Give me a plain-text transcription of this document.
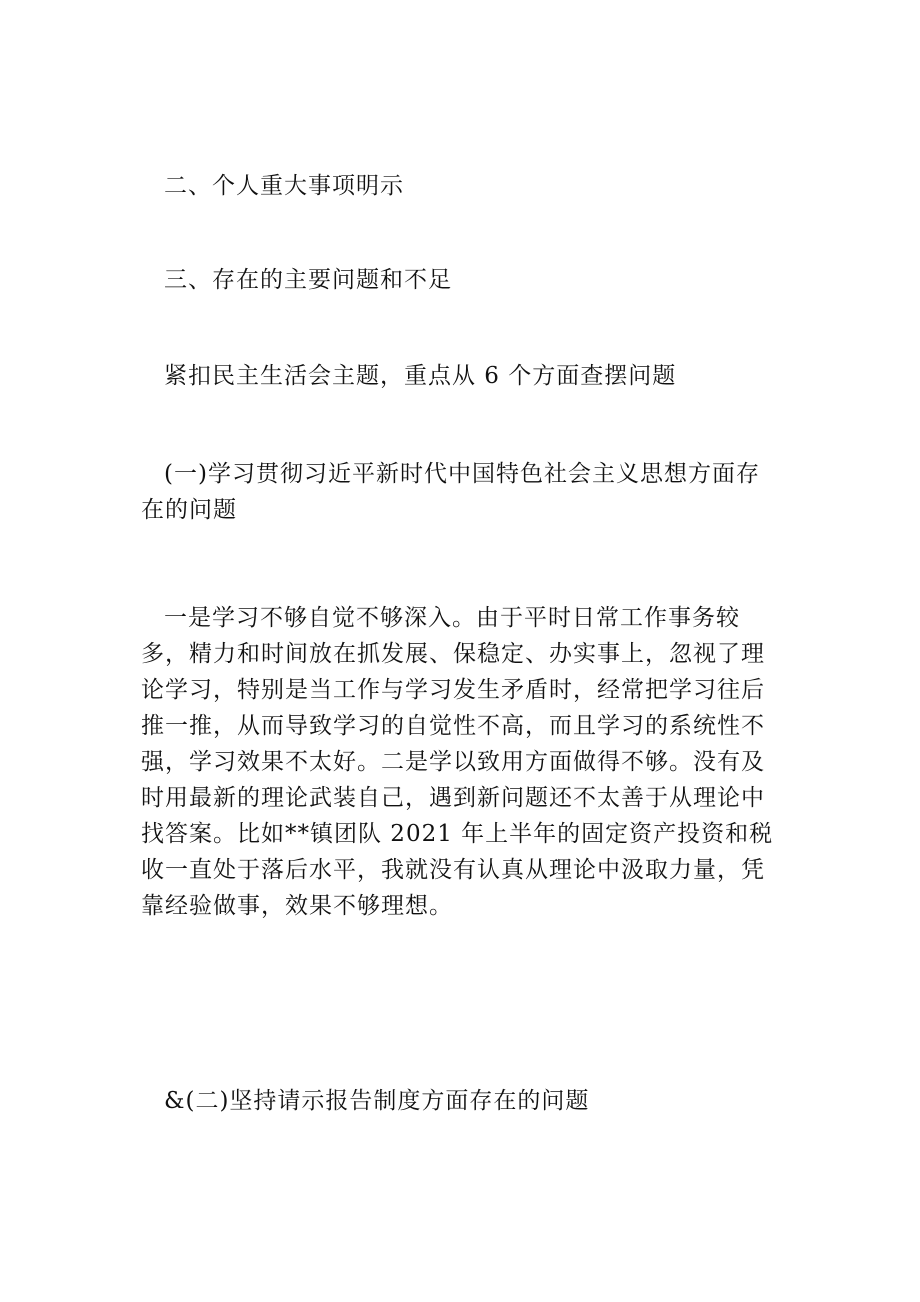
二、个人重大事项明示

三、存在的主要问题和不足

紧扣民主生活会主题，重点从 6 个方面查摆问题

(一)学习贯彻习近平新时代中国特色社会主义思想方面存在的问题

一是学习不够自觉不够深入。由于平时日常工作事务较多，精力和时间放在抓发展、保稳定、办实事上，忽视了理论学习，特别是当工作与学习发生矛盾时，经常把学习往后推一推，从而导致学习的自觉性不高，而且学习的系统性不强，学习效果不太好。二是学以致用方面做得不够。没有及时用最新的理论武装自己，遇到新问题还不太善于从理论中找答案。比如**镇团队 2021 年上半年的固定资产投资和税收一直处于落后水平，我就没有认真从理论中汲取力量，凭靠经验做事，效果不够理想。

&(二)坚持请示报告制度方面存在的问题
